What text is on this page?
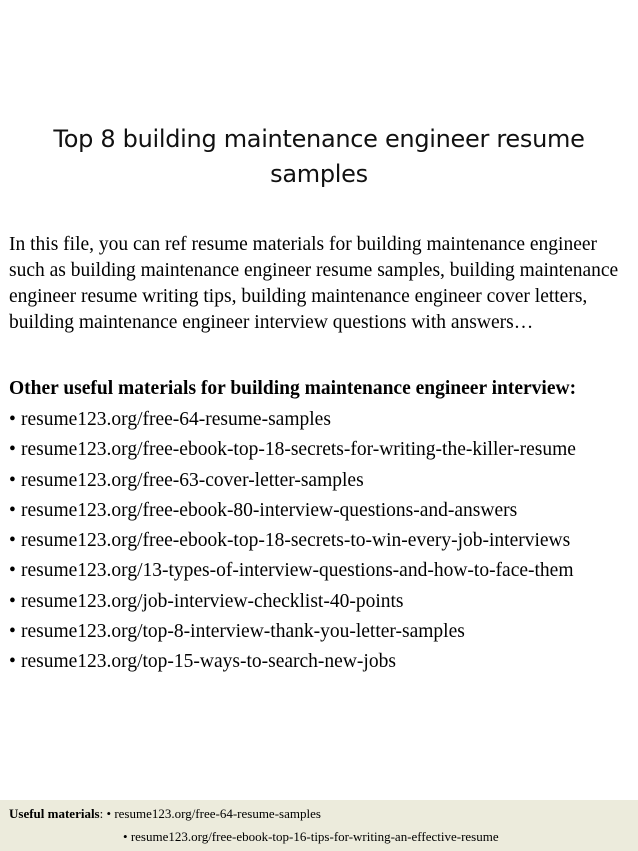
Top 8 building maintenance engineer resume samples
In this file, you can ref resume materials for building maintenance engineer such as building maintenance engineer resume samples, building maintenance engineer resume writing tips, building maintenance engineer cover letters, building maintenance engineer interview questions with answers…
Other useful materials for building maintenance engineer interview:
• resume123.org/free-64-resume-samples
• resume123.org/free-ebook-top-18-secrets-for-writing-the-killer-resume
• resume123.org/free-63-cover-letter-samples
• resume123.org/free-ebook-80-interview-questions-and-answers
• resume123.org/free-ebook-top-18-secrets-to-win-every-job-interviews
• resume123.org/13-types-of-interview-questions-and-how-to-face-them
• resume123.org/job-interview-checklist-40-points
• resume123.org/top-8-interview-thank-you-letter-samples
• resume123.org/top-15-ways-to-search-new-jobs
Useful materials: • resume123.org/free-64-resume-samples
• resume123.org/free-ebook-top-16-tips-for-writing-an-effective-resume
